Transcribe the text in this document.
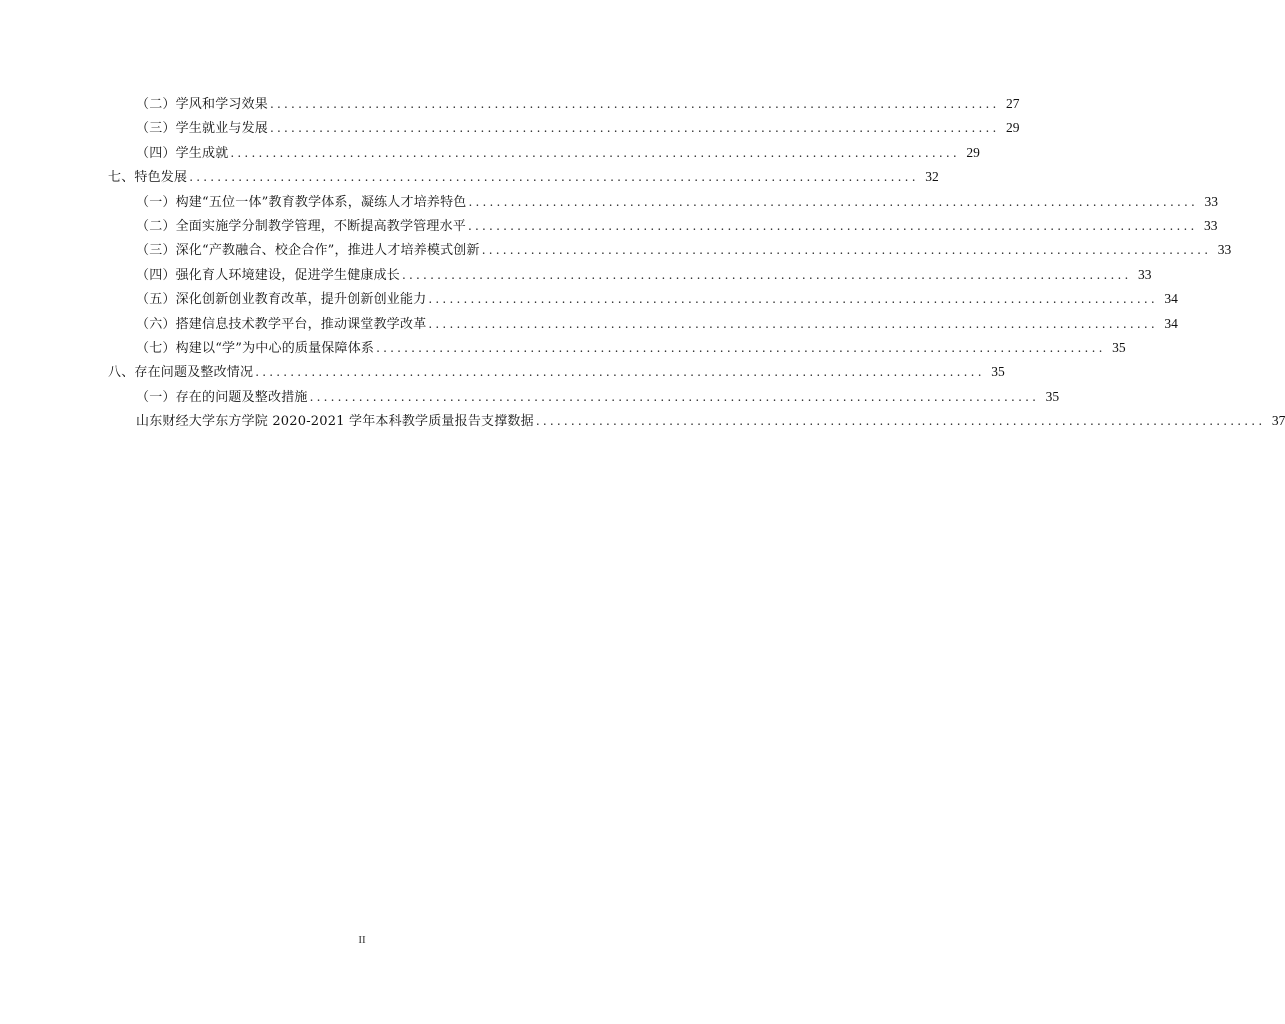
（二）学风和学习效果 ........................................................................................................ 27
（三）学生就业与发展 ........................................................................................................ 29
（四）学生成就 ........................................................................................................ 29
七、特色发展 ........................................................................................................ 32
（一）构建“五位一体”教育教学体系，凝练人才培养特色 ........................................................................................................ 33
（二）全面实施学分制教学管理，不断提高教学管理水平 ........................................................................................................ 33
（三）深化“产教融合、校企合作”，推进人才培养模式创新 ........................................................................................................ 33
（四）强化育人环境建设，促进学生健康成长 ........................................................................................................ 33
（五）深化创新创业教育改革，提升创新创业能力 ........................................................................................................ 34
（六）搭建信息技术教学平台，推动课堂教学改革 ........................................................................................................ 34
（七）构建以“学”为中心的质量保障体系 ........................................................................................................ 35
八、存在问题及整改情况 ........................................................................................................ 35
（一）存在的问题及整改措施 ........................................................................................................ 35
山东财经大学东方学院 2020-2021 学年本科教学质量报告支撑数据 ........................................................................................................ 37
II
